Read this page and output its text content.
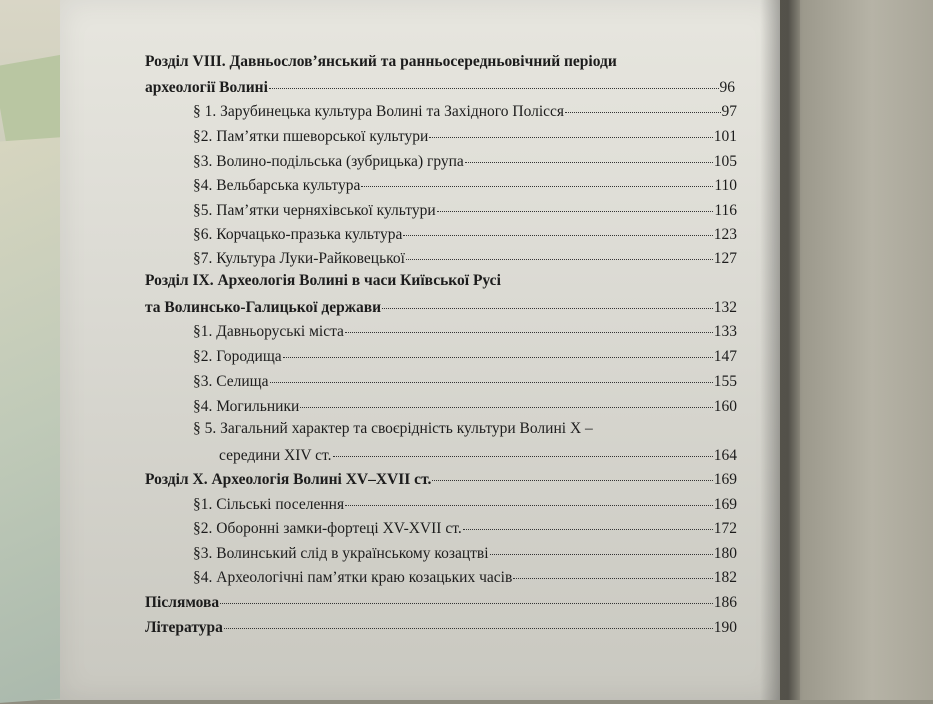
Розділ VIII. Давньослов’янський та ранньосередньовічний періоди
археології Волині	96
§ 1. Зарубинецька культура Волині та Західного Полісся	97
§2. Пам’ятки пшеворської культури	101
§3. Волино-подільська (зубрицька) група	105
§4. Вельбарська культура	110
§5. Пам’ятки черняхівської культури	116
§6. Корчацько-празька культура	123
§7. Культура Луки-Райковецької	127
Розділ IX. Археологія Волині в часи Київської Русі
та Волинсько-Галицької держави	132
§1. Давньоруські міста	133
§2. Городища	147
§3. Селища	155
§4. Могильники	160
§ 5. Загальний характер та своєрідність культури Волині Х –
середини XIV ст.	164
Розділ X. Археологія Волині XV–XVII ст.	169
§1. Сільські поселення	169
§2. Оборонні замки-фортеці XV-XVII ст.	172
§3. Волинський слід в українському козацтві	180
§4. Археологічні пам’ятки краю козацьких часів	182
Післямова	186
Література	190
